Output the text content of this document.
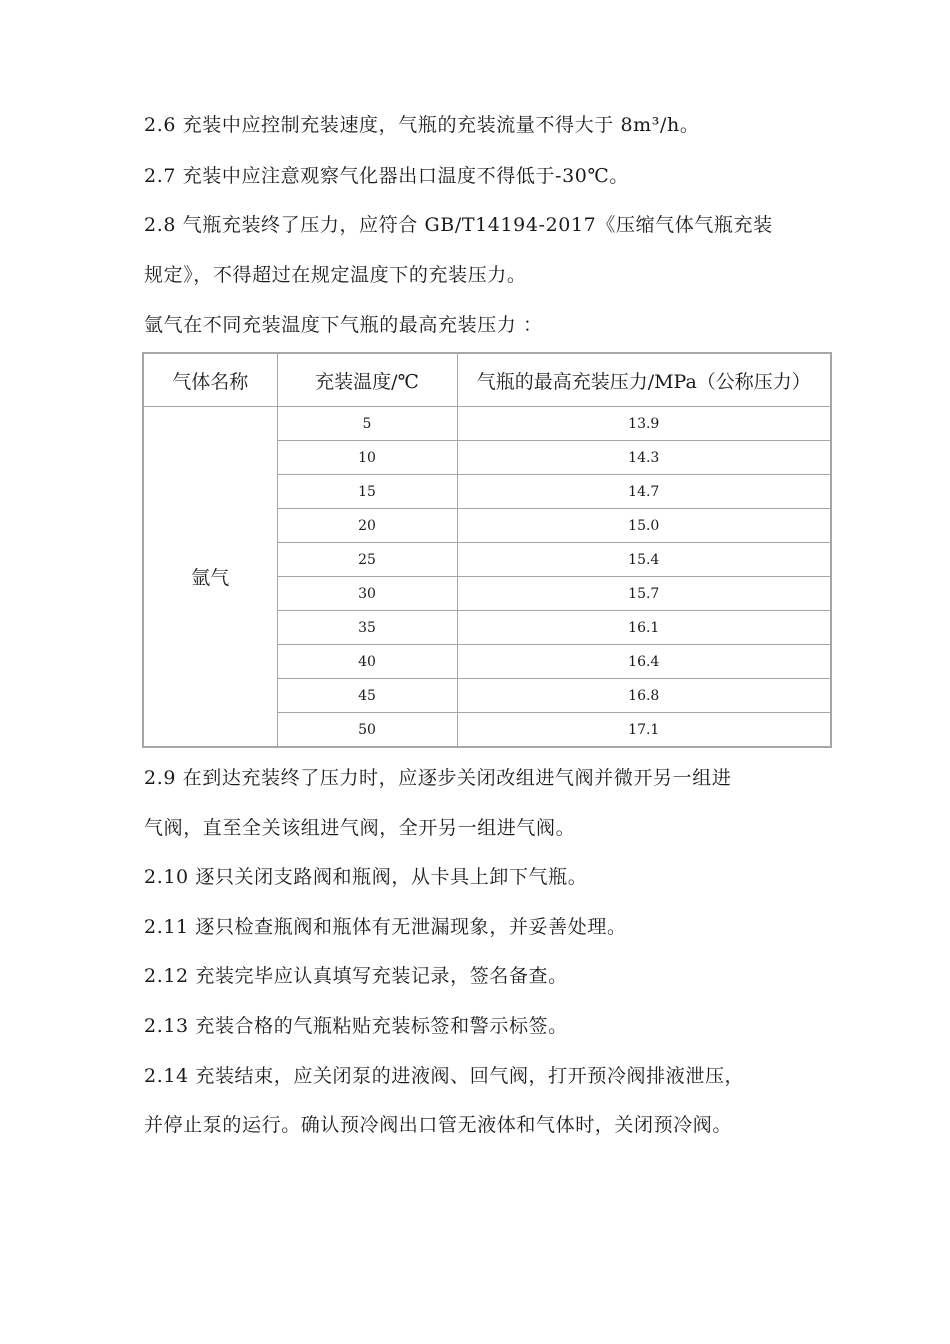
2.6 充装中应控制充装速度，气瓶的充装流量不得大于 8m³/h。
2.7 充装中应注意观察气化器出口温度不得低于-30℃。
2.8 气瓶充装终了压力，应符合 GB/T14194-2017《压缩气体气瓶充装
规定》，不得超过在规定温度下的充装压力。
氩气在不同充装温度下气瓶的最高充装压力 ：
气体名称	充装温度/℃	气瓶的最高充装压力/MPa（公称压力）
氩气	5	13.9
	10	14.3
	15	14.7
	20	15.0
	25	15.4
	30	15.7
	35	16.1
	40	16.4
	45	16.8
	50	17.1
2.9 在到达充装终了压力时，应逐步关闭改组进气阀并微开另一组进
气阀，直至全关该组进气阀，全开另一组进气阀。
2.10 逐只关闭支路阀和瓶阀，从卡具上卸下气瓶。
2.11 逐只检查瓶阀和瓶体有无泄漏现象，并妥善处理。
2.12 充装完毕应认真填写充装记录，签名备查。
2.13 充装合格的气瓶粘贴充装标签和警示标签。
2.14 充装结束，应关闭泵的进液阀、回气阀，打开预冷阀排液泄压，
并停止泵的运行。确认预冷阀出口管无液体和气体时，关闭预冷阀。
